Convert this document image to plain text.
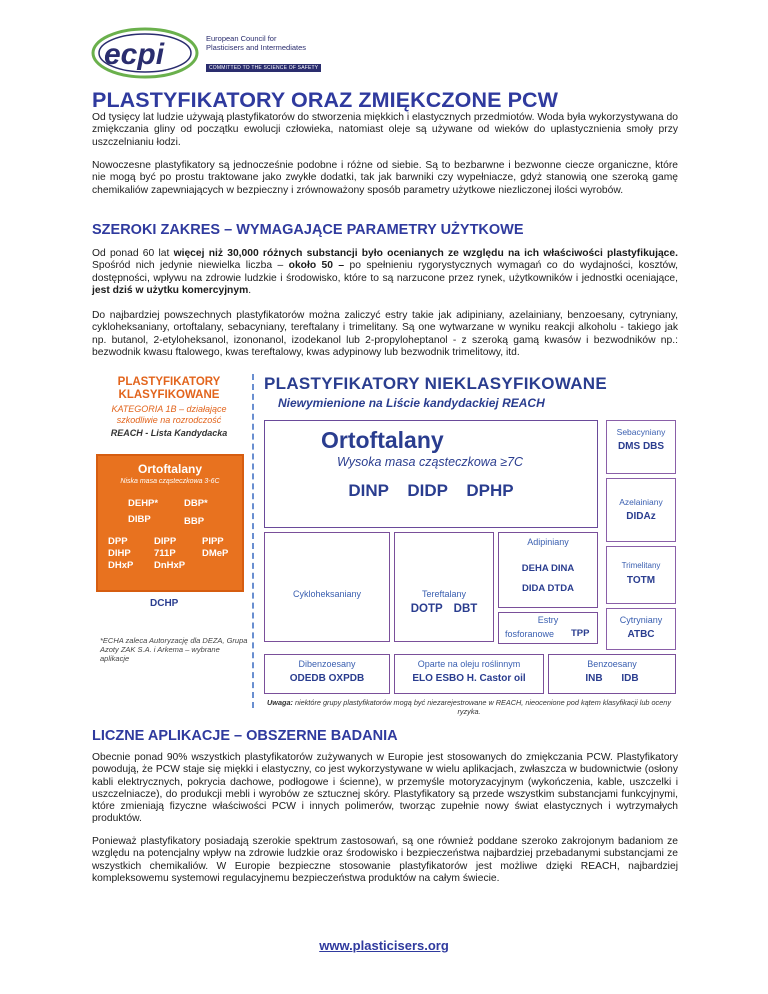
ecpi	European Council for
Plasticisers and Intermediates
COMMITTED TO THE SCIENCE OF SAFETY
PLASTYFIKATORY ORAZ ZMIĘKCZONE PCW

Od tysięcy lat ludzie używają plastyfikatorów do stworzenia miękkich i elastycznych przedmiotów. Woda była wykorzystywana do zmiękczania gliny od początku ewolucji człowieka, natomiast oleje są używane od wieków do uplastycznienia smoły przy uszczelnianiu łodzi.

Nowoczesne plastyfikatory są jednocześnie podobne i różne od siebie. Są to bezbarwne i bezwonne ciecze organiczne, które nie mogą być po prostu traktowane jako zwykłe dodatki, tak jak barwniki czy wypełniacze, gdyż stanowią one szeroką gamę chemikaliów zapewniających w bezpieczny i zrównoważony sposób parametry użytkowe niezliczonej ilości wyrobów.

SZEROKI ZAKRES – WYMAGAJĄCE PARAMETRY UŻYTKOWE

Od ponad 60 lat więcej niż 30,000 różnych substancji było ocenianych ze względu na ich właściwości plastyfikujące. Spośród nich jedynie niewielka liczba – około 50 – po spełnieniu rygorystycznych wymagań co do wydajności, kosztów, dostępności, wpływu na zdrowie ludzkie i środowisko, które to są narzucone przez rynek, użytkowników i jednostki oceniające, jest dziś w użytku komercyjnym.

Do najbardziej powszechnych plastyfikatorów można zaliczyć estry takie jak adipiniany, azelainiany, benzoesany, cytryniany, cykloheksaniany, ortoftalany, sebacyniany, tereftalany i trimelitany. Są one wytwarzane w wyniku reakcji alkoholu - takiego jak np. butanol, 2-etyloheksanol, izononanol, izodekanol lub 2-propyloheptanol - z szeroką gamą kwasów i bezwodników np.: bezwodnik kwasu ftalowego, kwas tereftalowy, kwas adypinowy lub bezwodnik trimelitowy, itd.

PLASTYFIKATORY KLASYFIKOWANE
KATEGORIA 1B – działające szkodliwie na rozrodczość
REACH - Lista Kandydacka
Ortoftalany
Niska masa cząsteczkowa 3-6C
DEHP*	DBP*
DIBP	BBP
DPP	DIPP	PIPP
DIHP 711P	DMeP
DHxP DnHxP
DCHP
*ECHA zaleca Autoryzację dla DEZA, Grupa Azoty ZAK S.A. i Arkema – wybrane aplikacje
PLASTYFIKATORY NIEKLASYFIKOWANE
Niewymienione na Liście kandydackiej REACH
Ortoftalany
Wysoka masa cząsteczkowa ≥7C
DINP DIDP DPHP
Sebacyniany
DMS DBS
Azelainiany
DIDAz
Cykloheksaniany	Tereftalany
DOTP DBT
Adipiniany
DEHA DINA
DIDA DTDA
Estry
fosforanowe TPP
Trimelitany
TOTM
Cytryniany
ATBC
Dibenzoesany
ODEDB OXPDB
Oparte na oleju roślinnym
ELO ESBO H. Castor oil
Benzoesany
INB IDB
Uwaga: niektóre grupy plastyfikatorów mogą być niezarejestrowane w REACH, nieocenione pod kątem klasyfikacji lub oceny ryzyka.
LICZNE APLIKACJE – OBSZERNE BADANIA

Obecnie ponad 90% wszystkich plastyfikatorów zużywanych w Europie jest stosowanych do zmiękczania PCW. Plastyfikatory powodują, że PCW staje się miękki i elastyczny, co jest wykorzystywane w wielu aplikacjach, zwłaszcza w budownictwie (osłony kabli elektrycznych, pokrycia dachowe, podłogowe i ścienne), w przemyśle motoryzacyjnym (wykończenia, kable, uszczelki i uszczelniacze), do produkcji mebli i wyrobów ze sztucznej skóry. Plastyfikatory są przede wszystkim substancjami funkcyjnymi, które zmieniają fizyczne właściwości PCW i innych polimerów, tworząc zupełnie nowy świat elastycznych i wytrzymałych produktów.

Ponieważ plastyfikatory posiadają szerokie spektrum zastosowań, są one również poddane szeroko zakrojonym badaniom ze względu na potencjalny wpływ na zdrowie ludzkie oraz środowisko i bezpieczeństwa najbardziej przebadanymi substancjami ze wszystkich chemikaliów. W Europie bezpieczne stosowanie plastyfikatorów jest możliwe dzięki REACH, najbardziej kompleksowemu systemowi regulacyjnemu bezpieczeństwa produktów na całym świecie.

www.plasticisers.org
